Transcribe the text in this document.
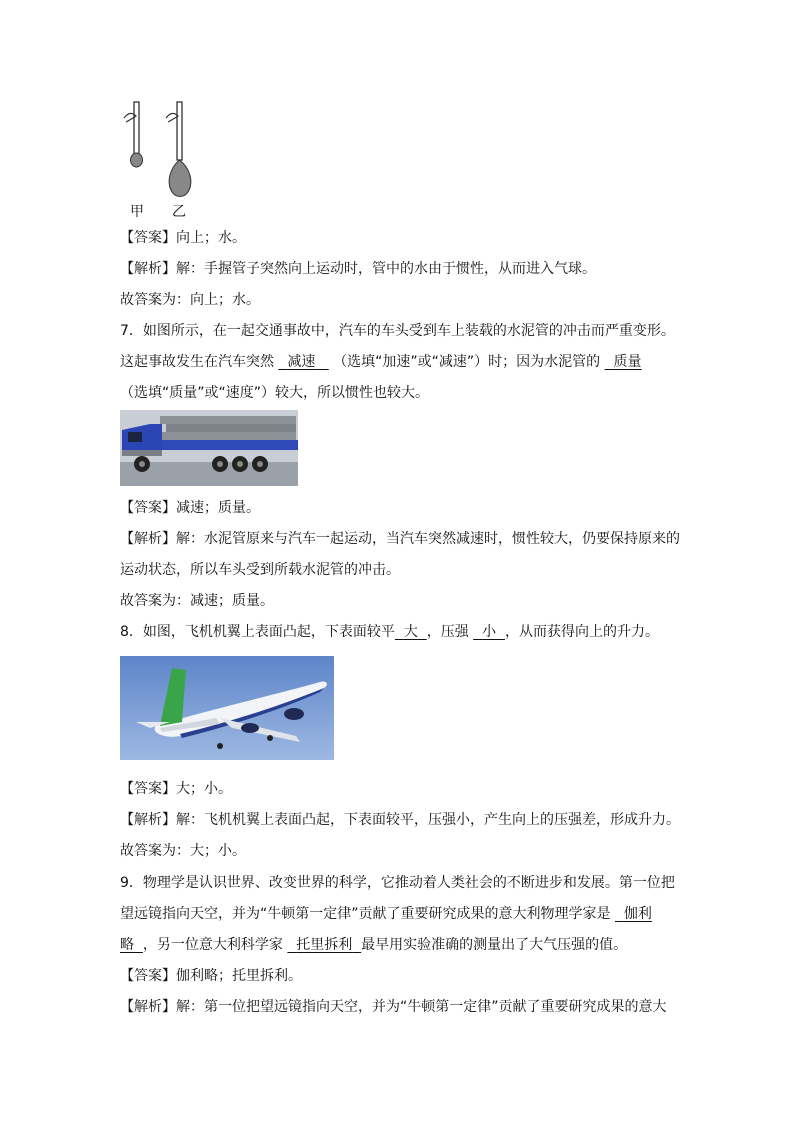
甲 乙
【答案】向上；水。
【解析】解：手握管子突然向上运动时，管中的水由于惯性，从而进入气球。
故答案为：向上；水。
7．如图所示，在一起交通事故中，汽车的车头受到车上装载的水泥管的冲击而严重变形。
这起事故发生在汽车突然 减速 （选填“加速”或“减速”）时；因为水泥管的 质量
（选填“质量”或“速度”）较大，所以惯性也较大。
【答案】减速；质量。
【解析】解：水泥管原来与汽车一起运动，当汽车突然减速时，惯性较大，仍要保持原来的
运动状态，所以车头受到所载水泥管的冲击。
故答案为：减速；质量。
8．如图，飞机机翼上表面凸起，下表面较平 大 ，压强 小 ，从而获得向上的升力。
【答案】大；小。
【解析】解：飞机机翼上表面凸起，下表面较平，压强小，产生向上的压强差，形成升力。
故答案为：大；小。
9．物理学是认识世界、改变世界的科学，它推动着人类社会的不断进步和发展。第一位把
望远镜指向天空，并为“牛顿第一定律”贡献了重要研究成果的意大利物理学家是 伽利
略 ，另一位意大利科学家 托里拆利 最早用实验准确的测量出了大气压强的值。
【答案】伽利略；托里拆利。
【解析】解：第一位把望远镜指向天空，并为“牛顿第一定律”贡献了重要研究成果的意大
